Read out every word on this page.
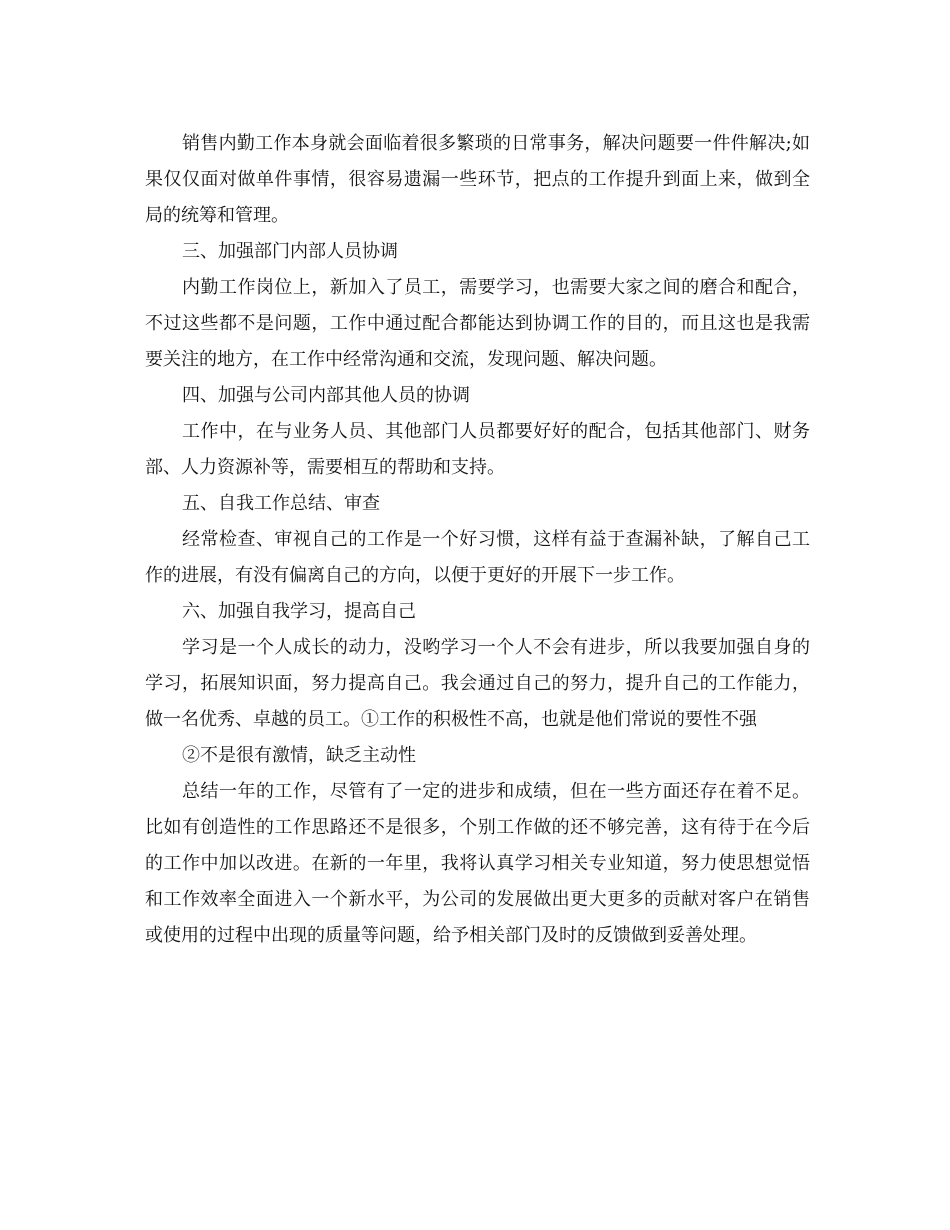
销售内勤工作本身就会面临着很多繁琐的日常事务，解决问题要一件件解决;如果仅仅面对做单件事情，很容易遗漏一些环节，把点的工作提升到面上来，做到全局的统筹和管理。

三、加强部门内部人员协调

内勤工作岗位上，新加入了员工，需要学习，也需要大家之间的磨合和配合，不过这些都不是问题，工作中通过配合都能达到协调工作的目的，而且这也是我需要关注的地方，在工作中经常沟通和交流，发现问题、解决问题。

四、加强与公司内部其他人员的协调

工作中，在与业务人员、其他部门人员都要好好的配合，包括其他部门、财务部、人力资源补等，需要相互的帮助和支持。

五、自我工作总结、审查

经常检查、审视自己的工作是一个好习惯，这样有益于查漏补缺，了解自己工作的进展，有没有偏离自己的方向，以便于更好的开展下一步工作。

六、加强自我学习，提高自己

学习是一个人成长的动力，没哟学习一个人不会有进步，所以我要加强自身的学习，拓展知识面，努力提高自己。我会通过自己的努力，提升自己的工作能力，做一名优秀、卓越的员工。①工作的积极性不高，也就是他们常说的要性不强

②不是很有激情，缺乏主动性

总结一年的工作，尽管有了一定的进步和成绩，但在一些方面还存在着不足。比如有创造性的工作思路还不是很多，个别工作做的还不够完善，这有待于在今后的工作中加以改进。在新的一年里，我将认真学习相关专业知道，努力使思想觉悟和工作效率全面进入一个新水平，为公司的发展做出更大更多的贡献对客户在销售或使用的过程中出现的质量等问题，给予相关部门及时的反馈做到妥善处理。
